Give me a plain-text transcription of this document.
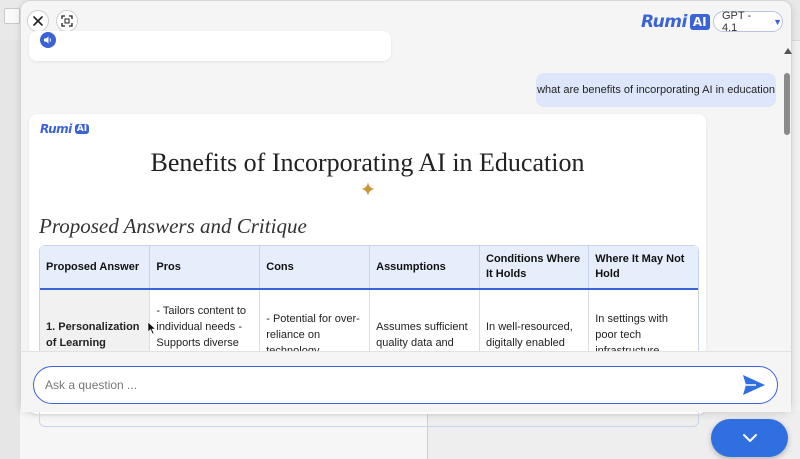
Rumi AI GPT - 4.1	▼
what are benefits of incorporating AI in education
Rumi AI
Benefits of Incorporating AI in Education
Proposed Answers and Critique
Proposed Answer	Pros	Cons	Assumptions	Conditions Where It Holds	Where It May Not Hold
1. Personalization of Learning	- Tailors content to individual needs - Supports diverse	- Potential for over-reliance on	Assumes sufficient quality data and	In well-resourced, digitally enabled	In settings with poor tech
Ask a question ...
